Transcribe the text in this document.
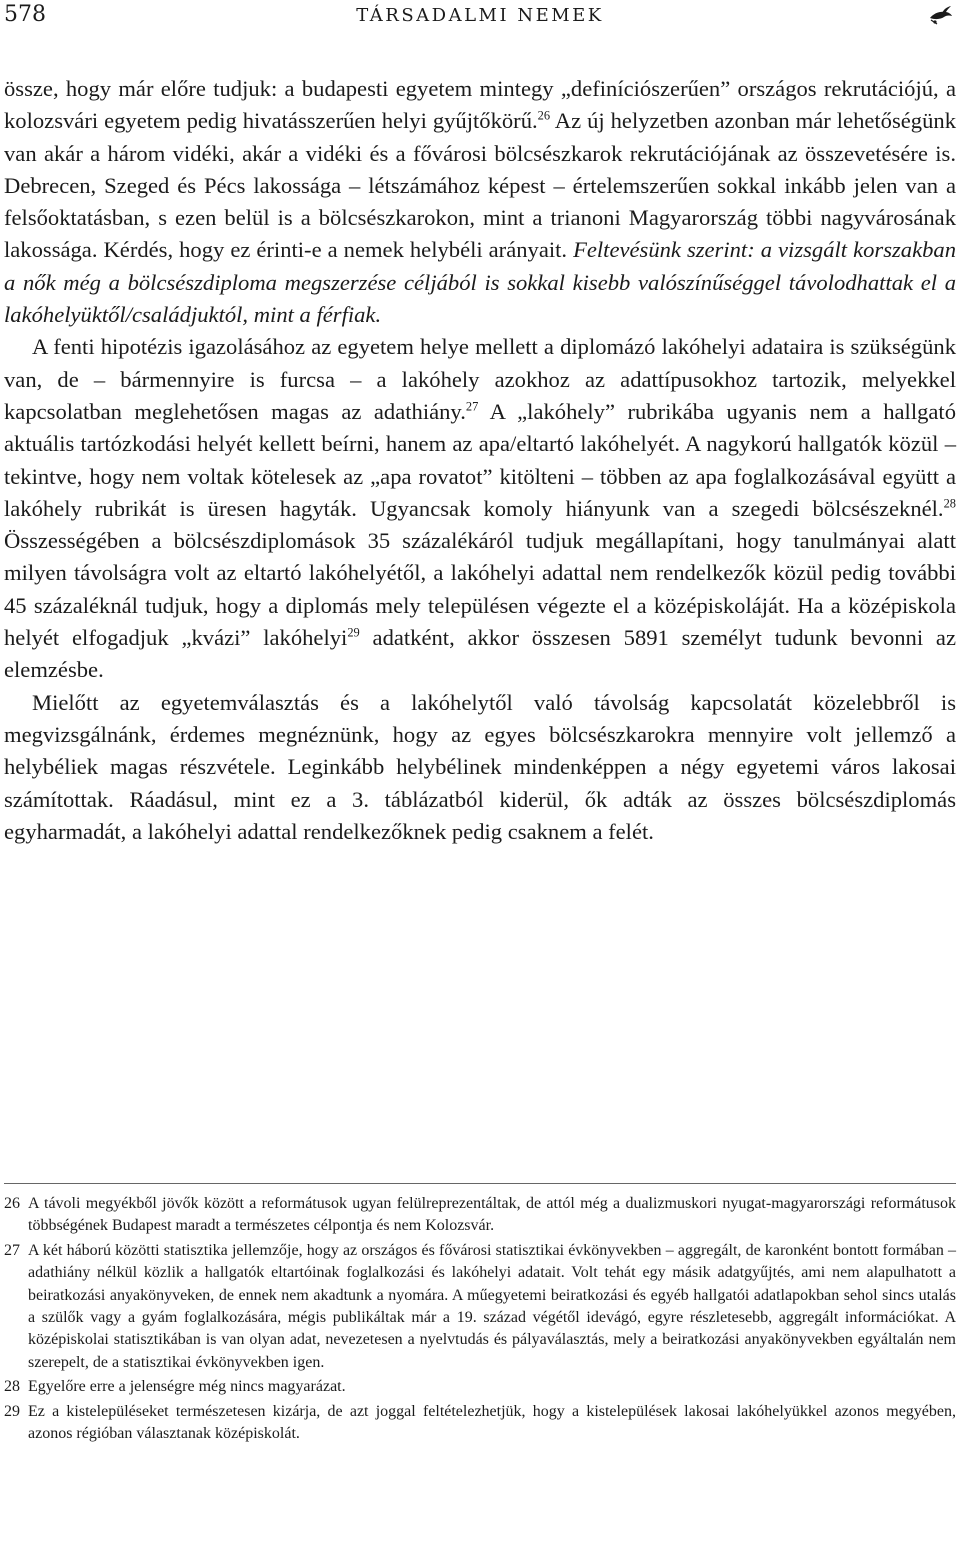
578	TÁRSADALMI NEMEK

össze, hogy már előre tudjuk: a budapesti egyetem mintegy „definíciószerűen” országos rekrutációjú, a kolozsvári egyetem pedig hivatásszerűen helyi gyűjtőkörű.$^{26}$ Az új helyzetben azonban már lehetőségünk van akár a három vidéki, akár a vidéki és a fővárosi bölcsészkarok rekrutációjának az összevetésére is. Debrecen, Szeged és Pécs lakossága – létszámához képest – értelemszerűen sokkal inkább jelen van a felsőoktatásban, s ezen belül is a bölcsészkarokon, mint a trianoni Magyarország többi nagyvárosának lakossága. Kérdés, hogy ez érinti-e a nemek helybéli arányait. Feltevésünk szerint: a vizsgált korszakban a nők még a bölcsészdiploma megszerzése céljából is sokkal kisebb valószínűséggel távolodhattak el a lakóhelyüktől/családjuktól, mint a férfiak.

A fenti hipotézis igazolásához az egyetem helye mellett a diplomázó lakóhelyi adataira is szükségünk van, de – bármennyire is furcsa – a lakóhely azokhoz az adattípusokhoz tartozik, melyekkel kapcsolatban meglehetősen magas az adathiány.$^{27}$ A „lakóhely” rubrikába ugyanis nem a hallgató aktuális tartózkodási helyét kellett beírni, hanem az apa/eltartó lakóhelyét. A nagykorú hallgatók közül – tekintve, hogy nem voltak kötelesek az „apa rovatot” kitölteni – többen az apa foglalkozásával együtt a lakóhely rubrikát is üresen hagyták. Ugyancsak komoly hiányunk van a szegedi bölcsészeknél.$^{28}$ Összességében a bölcsészdiplomások 35 százalékáról tudjuk megállapítani, hogy tanulmányai alatt milyen távolságra volt az eltartó lakóhelyétől, a lakóhelyi adattal nem rendelkezők közül pedig további 45 százaléknál tudjuk, hogy a diplomás mely településen végezte el a középiskoláját. Ha a középiskola helyét elfogadjuk „kvázi” lakóhelyi$^{29}$ adatként, akkor összesen 5891 személyt tudunk bevonni az elemzésbe.

Mielőtt az egyetemválasztás és a lakóhelytől való távolság kapcsolatát közelebbről is megvizsgálnánk, érdemes megnéznünk, hogy az egyes bölcsészkarokra mennyire volt jellemző a helybéliek magas részvétele. Leginkább helybélinek mindenképpen a négy egyetemi város lakosai számítottak. Ráadásul, mint ez a 3. táblázatból kiderül, ők adták az összes bölcsészdiplomás egyharmadát, a lakóhelyi adattal rendelkezőknek pedig csaknem a felét.

26 A távoli megyékből jövők között a reformátusok ugyan felülreprezentáltak, de attól még a dualizmuskori nyugat-magyarországi reformátusok többségének Budapest maradt a természetes célpontja és nem Kolozsvár.
27 A két háború közötti statisztika jellemzője, hogy az országos és fővárosi statisztikai évkönyvekben – aggregált, de karonként bontott formában – adathiány nélkül közlik a hallgatók eltartóinak foglalkozási és lakóhelyi adatait. Volt tehát egy másik adatgyűjtés, ami nem alapulhatott a beiratkozási anyakönyveken, de ennek nem akadtunk a nyomára. A műegyetemi beiratkozási és egyéb hallgatói adatlapokban sehol sincs utalás a szülők vagy a gyám foglalkozására, mégis publikáltak már a 19. század végétől idevágó, egyre részletesebb, aggregált információkat. A középiskolai statisztikában is van olyan adat, nevezetesen a nyelvtudás és pályaválasztás, mely a beiratkozási anyakönyvekben egyáltalán nem szerepelt, de a statisztikai évkönyvekben igen.
28 Egyelőre erre a jelenségre még nincs magyarázat.
29 Ez a kistelepüléseket természetesen kizárja, de azt joggal feltételezhetjük, hogy a kistelepülések lakosai lakóhelyükkel azonos megyében, azonos régióban választanak középiskolát.
